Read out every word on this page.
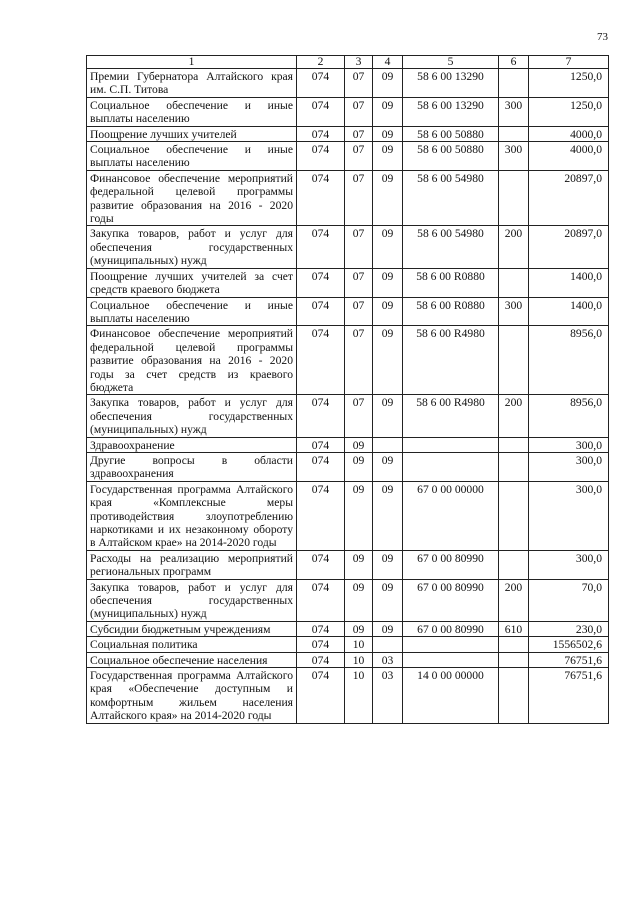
73
1	2	3	4	5	6	7
Премии Губернатора Алтайского края им. С.П. Титова	074	07	09	58 6 00 13290		1250,0
Социальное обеспечение и иные выплаты населению	074	07	09	58 6 00 13290	300	1250,0
Поощрение лучших учителей	074	07	09	58 6 00 50880		4000,0
Социальное обеспечение и иные выплаты населению	074	07	09	58 6 00 50880	300	4000,0
Финансовое обеспечение мероприятий федеральной целевой программы развитие образования на 2016 - 2020 годы	074	07	09	58 6 00 54980		20897,0
Закупка товаров, работ и услуг для обеспечения государственных (муниципальных) нужд	074	07	09	58 6 00 54980	200	20897,0
Поощрение лучших учителей за счет средств краевого бюджета	074	07	09	58 6 00 R0880		1400,0
Социальное обеспечение и иные выплаты населению	074	07	09	58 6 00 R0880	300	1400,0
Финансовое обеспечение мероприятий федеральной целевой программы развитие образования на 2016 - 2020 годы за счет средств из краевого бюджета	074	07	09	58 6 00 R4980		8956,0
Закупка товаров, работ и услуг для обеспечения государственных (муниципальных) нужд	074	07	09	58 6 00 R4980	200	8956,0
Здравоохранение	074	09				300,0
Другие вопросы в области здравоохранения	074	09	09			300,0
Государственная программа Алтайского края «Комплексные меры противодействия злоупотреблению наркотиками и их незаконному обороту в Алтайском крае» на 2014-2020 годы	074	09	09	67 0 00 00000		300,0
Расходы на реализацию мероприятий региональных программ	074	09	09	67 0 00 80990		300,0
Закупка товаров, работ и услуг для обеспечения государственных (муниципальных) нужд	074	09	09	67 0 00 80990	200	70,0
Субсидии бюджетным учреждениям	074	09	09	67 0 00 80990	610	230,0
Социальная политика	074	10				1556502,6
Социальное обеспечение населения	074	10	03			76751,6
Государственная программа Алтайского края «Обеспечение доступным и комфортным жильем населения Алтайского края» на 2014-2020 годы	074	10	03	14 0 00 00000		76751,6
